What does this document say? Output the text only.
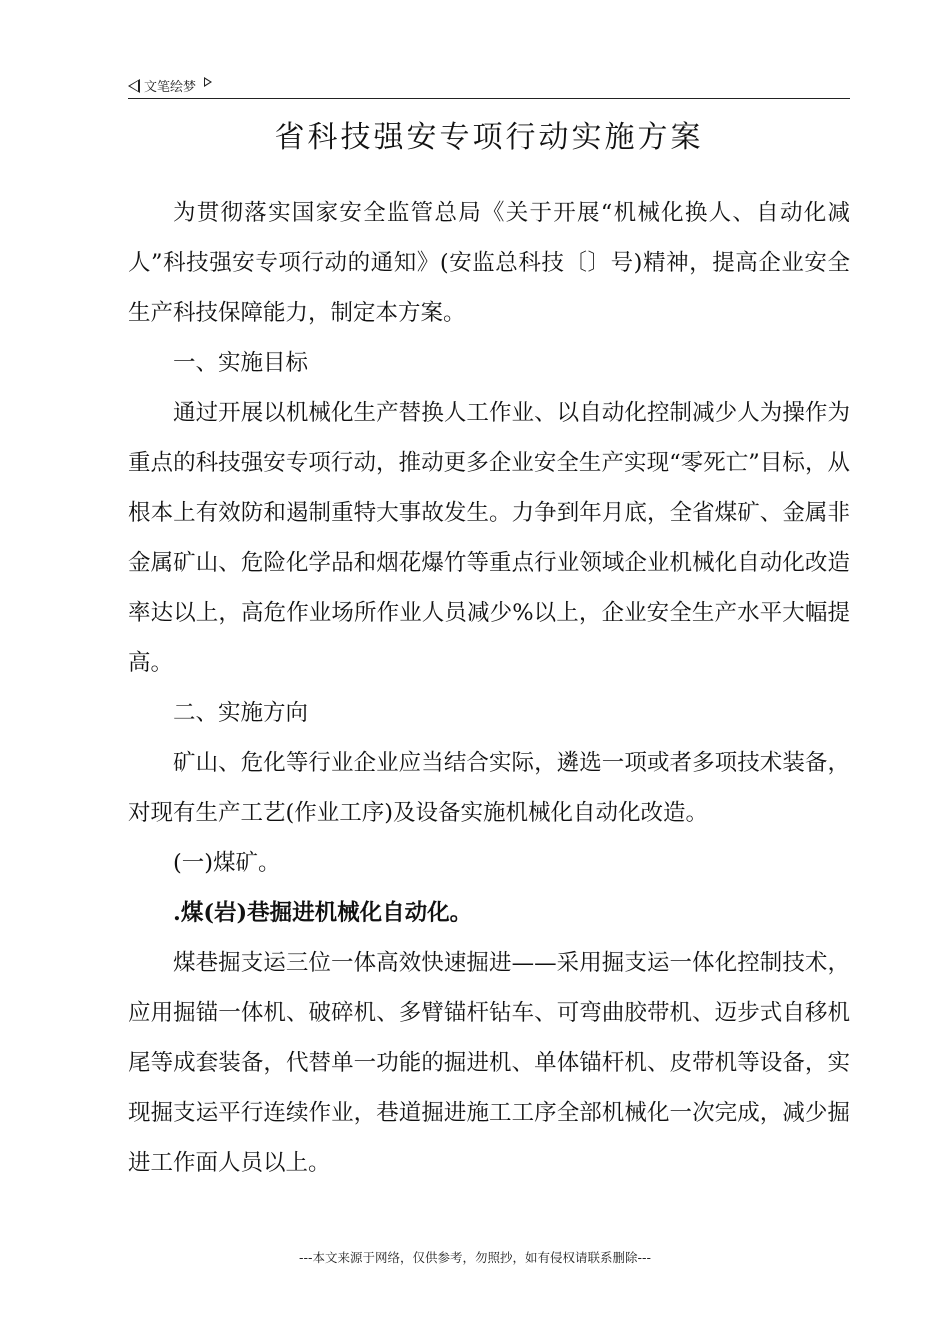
文笔绘梦
省科技强安专项行动实施方案

为贯彻落实国家安全监管总局《关于开展“机械化换人、自动化减人”科技强安专项行动的通知》(安监总科技〔〕号)精神，提高企业安全生产科技保障能力，制定本方案。

一、实施目标

通过开展以机械化生产替换人工作业、以自动化控制减少人为操作为重点的科技强安专项行动，推动更多企业安全生产实现“零死亡”目标，从根本上有效防和遏制重特大事故发生。力争到年月底，全省煤矿、金属非金属矿山、危险化学品和烟花爆竹等重点行业领域企业机械化自动化改造率达以上，高危作业场所作业人员减少%以上，企业安全生产水平大幅提高。

二、实施方向

矿山、危化等行业企业应当结合实际，遴选一项或者多项技术装备，对现有生产工艺(作业工序)及设备实施机械化自动化改造。

(一)煤矿。

.煤(岩)巷掘进机械化自动化。

煤巷掘支运三位一体高效快速掘进——采用掘支运一体化控制技术，应用掘锚一体机、破碎机、多臂锚杆钻车、可弯曲胶带机、迈步式自移机尾等成套装备，代替单一功能的掘进机、单体锚杆机、皮带机等设备，实现掘支运平行连续作业，巷道掘进施工工序全部机械化一次完成，减少掘进工作面人员以上。

---本文来源于网络，仅供参考，勿照抄，如有侵权请联系删除---
